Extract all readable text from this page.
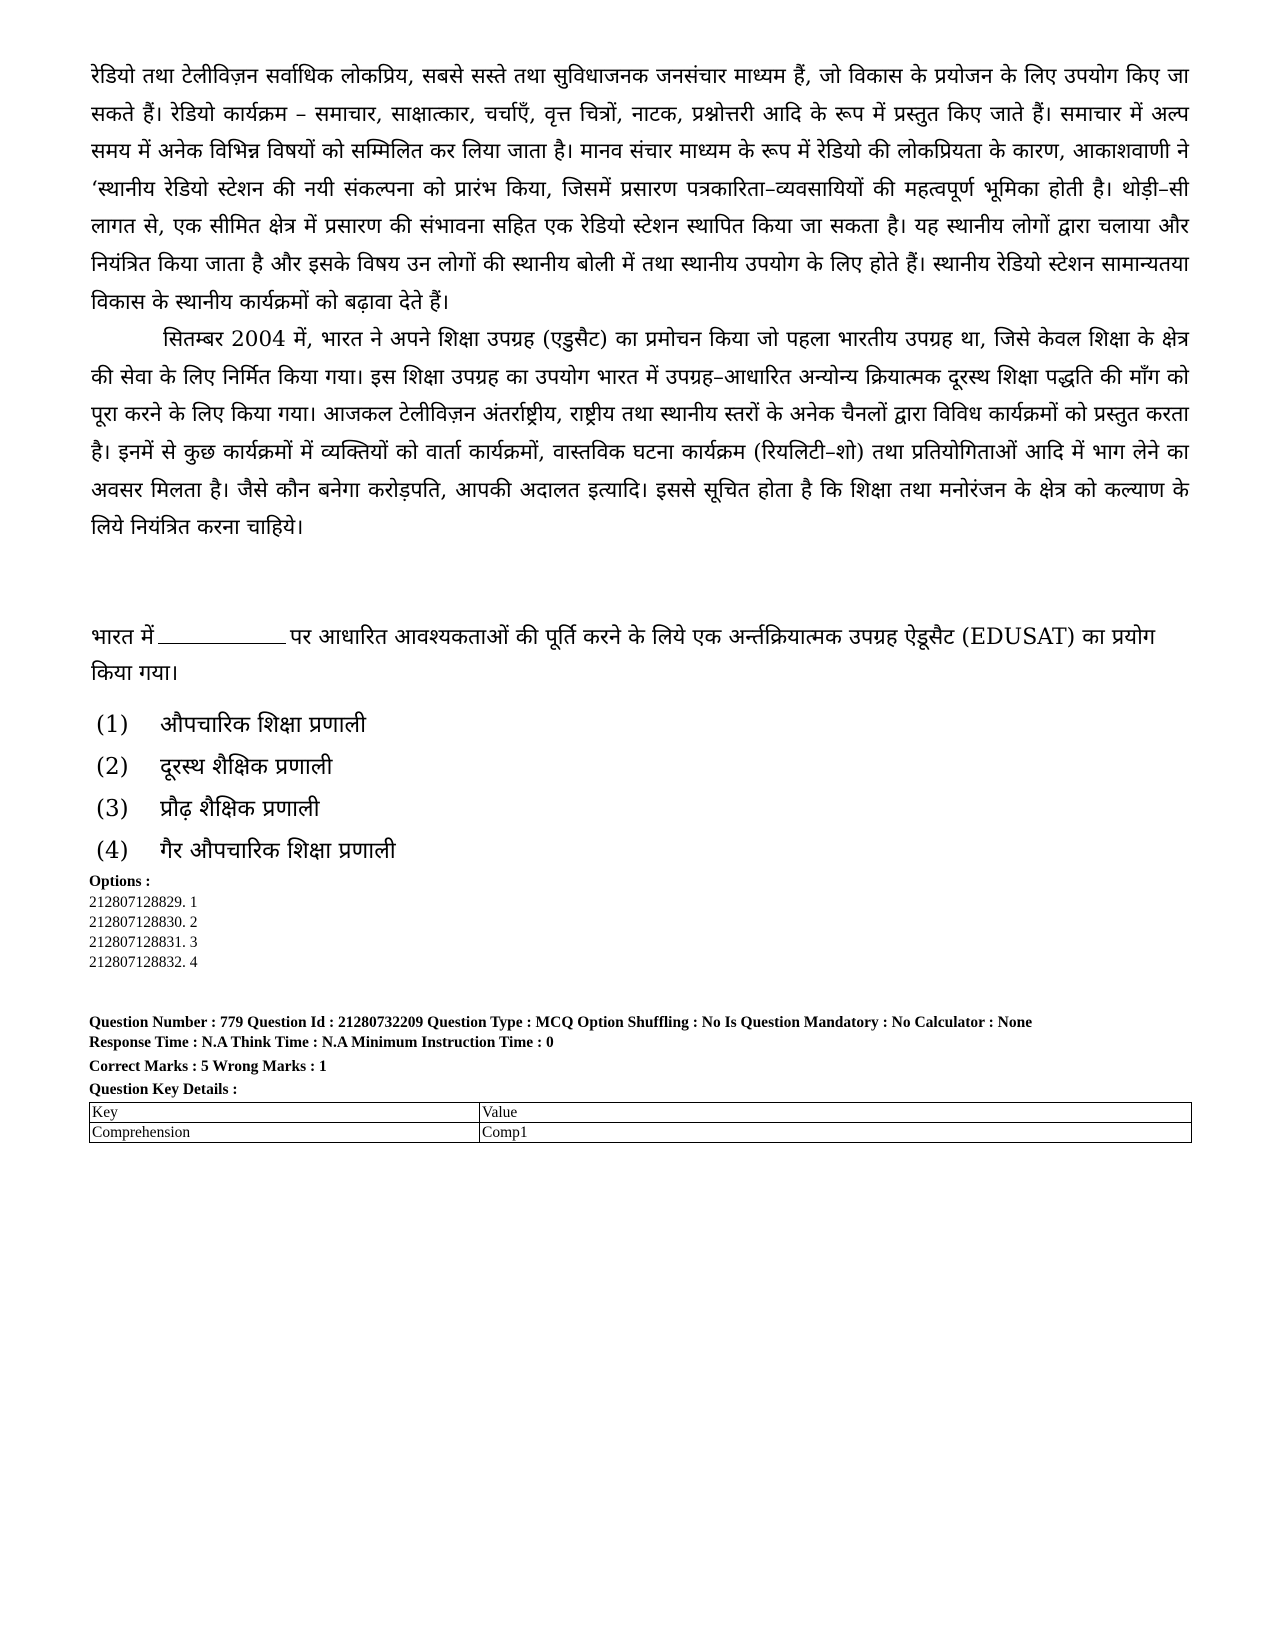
रेडियो तथा टेलीविज़न सर्वाधिक लोकप्रिय, सबसे सस्ते तथा सुविधाजनक जनसंचार माध्यम हैं, जो विकास के प्रयोजन के लिए उपयोग किए जा सकते हैं। रेडियो कार्यक्रम – समाचार, साक्षात्कार, चर्चाएँ, वृत्त चित्रों, नाटक, प्रश्नोत्तरी आदि के रूप में प्रस्तुत किए जाते हैं। समाचार में अल्प समय में अनेक विभिन्न विषयों को सम्मिलित कर लिया जाता है। मानव संचार माध्यम के रूप में रेडियो की लोकप्रियता के कारण, आकाशवाणी ने ‘स्थानीय रेडियो स्टेशन की नयी संकल्पना को प्रारंभ किया, जिसमें प्रसारण पत्रकारिता–व्यवसायियों की महत्वपूर्ण भूमिका होती है। थोड़ी–सी लागत से, एक सीमित क्षेत्र में प्रसारण की संभावना सहित एक रेडियो स्टेशन स्थापित किया जा सकता है। यह स्थानीय लोगों द्वारा चलाया और नियंत्रित किया जाता है और इसके विषय उन लोगों की स्थानीय बोली में तथा स्थानीय उपयोग के लिए होते हैं। स्थानीय रेडियो स्टेशन सामान्यतया विकास के स्थानीय कार्यक्रमों को बढ़ावा देते हैं।

सितम्बर 2004 में, भारत ने अपने शिक्षा उपग्रह (एडुसैट) का प्रमोचन किया जो पहला भारतीय उपग्रह था, जिसे केवल शिक्षा के क्षेत्र की सेवा के लिए निर्मित किया गया। इस शिक्षा उपग्रह का उपयोग भारत में उपग्रह–आधारित अन्योन्य क्रियात्मक दूरस्थ शिक्षा पद्धति की माँग को पूरा करने के लिए किया गया। आजकल टेलीविज़न अंतर्राष्ट्रीय, राष्ट्रीय तथा स्थानीय स्तरों के अनेक चैनलों द्वारा विविध कार्यक्रमों को प्रस्तुत करता है। इनमें से कुछ कार्यक्रमों में व्यक्तियों को वार्ता कार्यक्रमों, वास्तविक घटना कार्यक्रम (रियलिटी–शो) तथा प्रतियोगिताओं आदि में भाग लेने का अवसर मिलता है। जैसे कौन बनेगा करोड़पति, आपकी अदालत इत्यादि। इससे सूचित होता है कि शिक्षा तथा मनोरंजन के क्षेत्र को कल्याण के लिये नियंत्रित करना चाहिये।

भारत में	पर आधारित आवश्यकताओं की पूर्ति करने के लिये एक अर्न्तक्रियात्मक उपग्रह ऐडूसैट (EDUSAT) का प्रयोग किया गया।
(1) औपचारिक शिक्षा प्रणाली
(2) दूरस्थ शैक्षिक प्रणाली
(3) प्रौढ़ शैक्षिक प्रणाली
(4) गैर औपचारिक शिक्षा प्रणाली
Options :
212807128829. 1
212807128830. 2
212807128831. 3
212807128832. 4
Question Number : 779 Question Id : 21280732209 Question Type : MCQ Option Shuffling : No Is Question Mandatory : No Calculator : None
Response Time : N.A Think Time : N.A Minimum Instruction Time : 0
Correct Marks : 5 Wrong Marks : 1
Question Key Details :
Key	Value
Comprehension	Comp1
